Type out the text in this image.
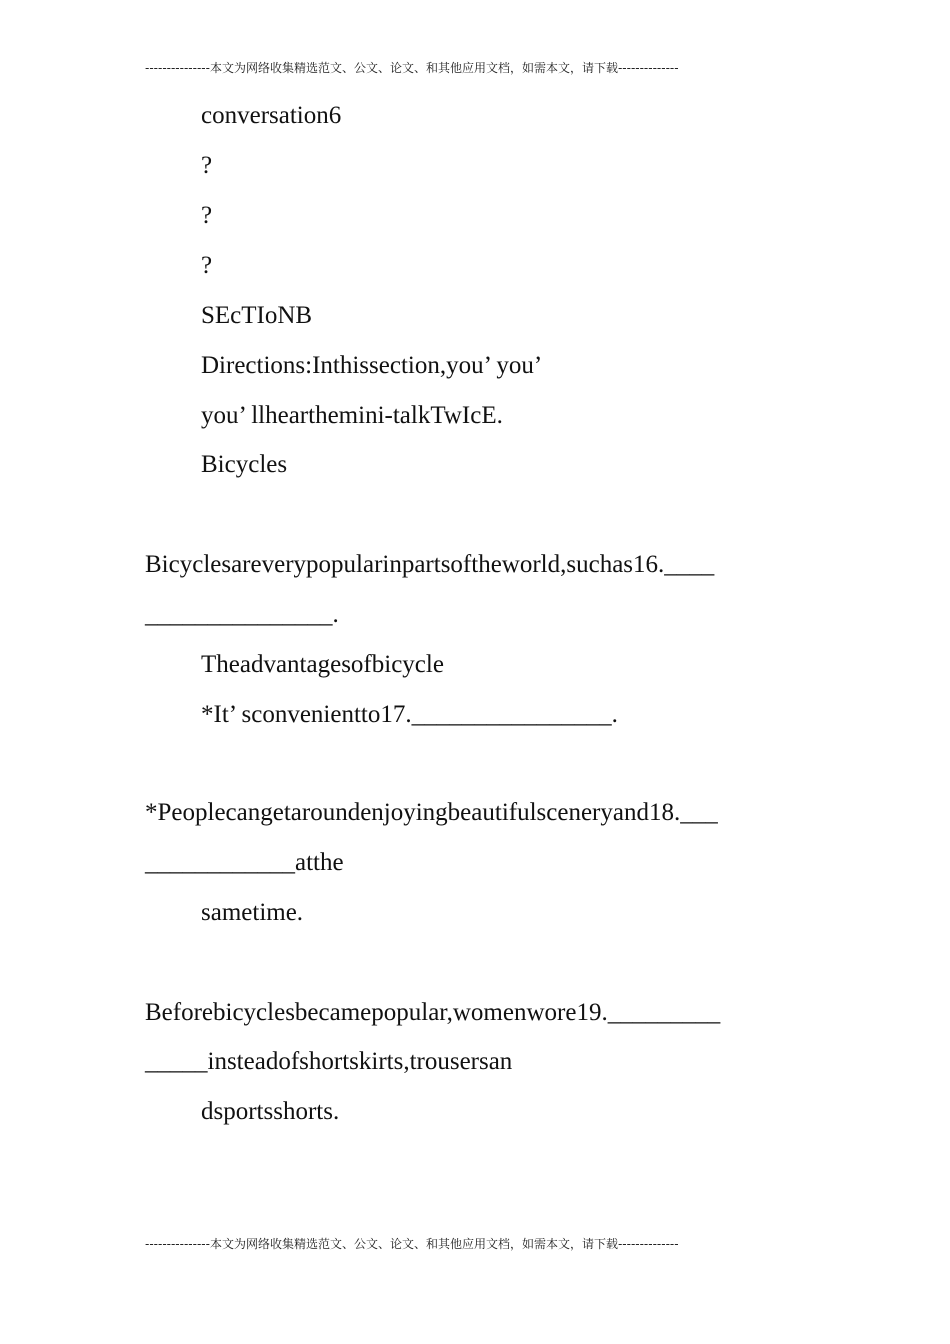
---------------本文为网络收集精选范文、公文、论文、和其他应用文档，如需本文，请下载--------------
conversation6
?
?
?
SEcTIoNB
Directions:Inthissection,you’ you’
you’ llhearthemini-talkTwIcE.
Bicycles
Bicyclesareverypopularinpartsoftheworld,suchas16.____
_______________.
Theadvantagesofbicycle
*It’ sconvenientto17.________________.
*Peoplecangetaroundenjoyingbeautifulsceneryand18.___
____________atthe
sametime.
Beforebicyclesbecamepopular,womenwore19._________
_____insteadofshortskirts,trousersan
dsportsshorts.
---------------本文为网络收集精选范文、公文、论文、和其他应用文档，如需本文，请下载--------------
